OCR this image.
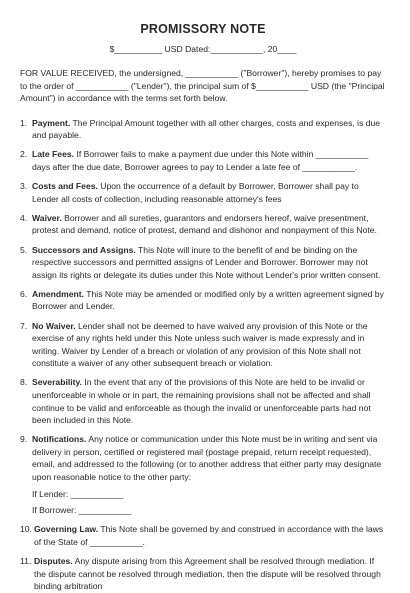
PROMISSORY NOTE
$__________ USD Dated:___________, 20____
FOR VALUE RECEIVED, the undersigned, ___________ ("Borrower"), hereby promises to pay to the order of ___________ ("Lender"), the principal sum of $___________ USD (the "Principal Amount") in accordance with the terms set forth below.
1. Payment. The Principal Amount together with all other charges, costs and expenses, is due and payable.
2. Late Fees. If Borrower fails to make a payment due under this Note within ___________ days after the due date, Borrower agrees to pay to Lender a late fee of ___________.
3. Costs and Fees. Upon the occurrence of a default by Borrower, Borrower shall pay to Lender all costs of collection, including reasonable attorney's fees
4. Waiver. Borrower and all sureties, guarantors and endorsers hereof, waive presentment, protest and demand, notice of protest, demand and dishonor and nonpayment of this Note.
5. Successors and Assigns. This Note will inure to the benefit of and be binding on the respective successors and permitted assigns of Lender and Borrower. Borrower may not assign its rights or delegate its duties under this Note without Lender's prior written consent.
6. Amendment. This Note may be amended or modified only by a written agreement signed by Borrower and Lender.
7. No Waiver. Lender shall not be deemed to have waived any provision of this Note or the exercise of any rights held under this Note unless such waiver is made expressly and in writing. Waiver by Lender of a breach or violation of any provision of this Note shall not constitute a waiver of any other subsequent breach or violation.
8. Severability. In the event that any of the provisions of this Note are held to be invalid or unenforceable in whole or in part, the remaining provisions shall not be affected and shall continue to be valid and enforceable as though the invalid or unenforceable parts had not been included in this Note.
9. Notifications. Any notice or communication under this Note must be in writing and sent via delivery in person, certified or registered mail (postage prepaid, return receipt requested), email, and addressed to the following (or to another address that either party may designate upon reasonable notice to the other party:
If Lender: ___________
If Borrower: ___________
10. Governing Law. This Note shall be governed by and construed in accordance with the laws of the State of ___________.
11. Disputes. Any dispute arising from this Agreement shall be resolved through mediation. If the dispute cannot be resolved through mediation, then the dispute will be resolved through binding arbitration
